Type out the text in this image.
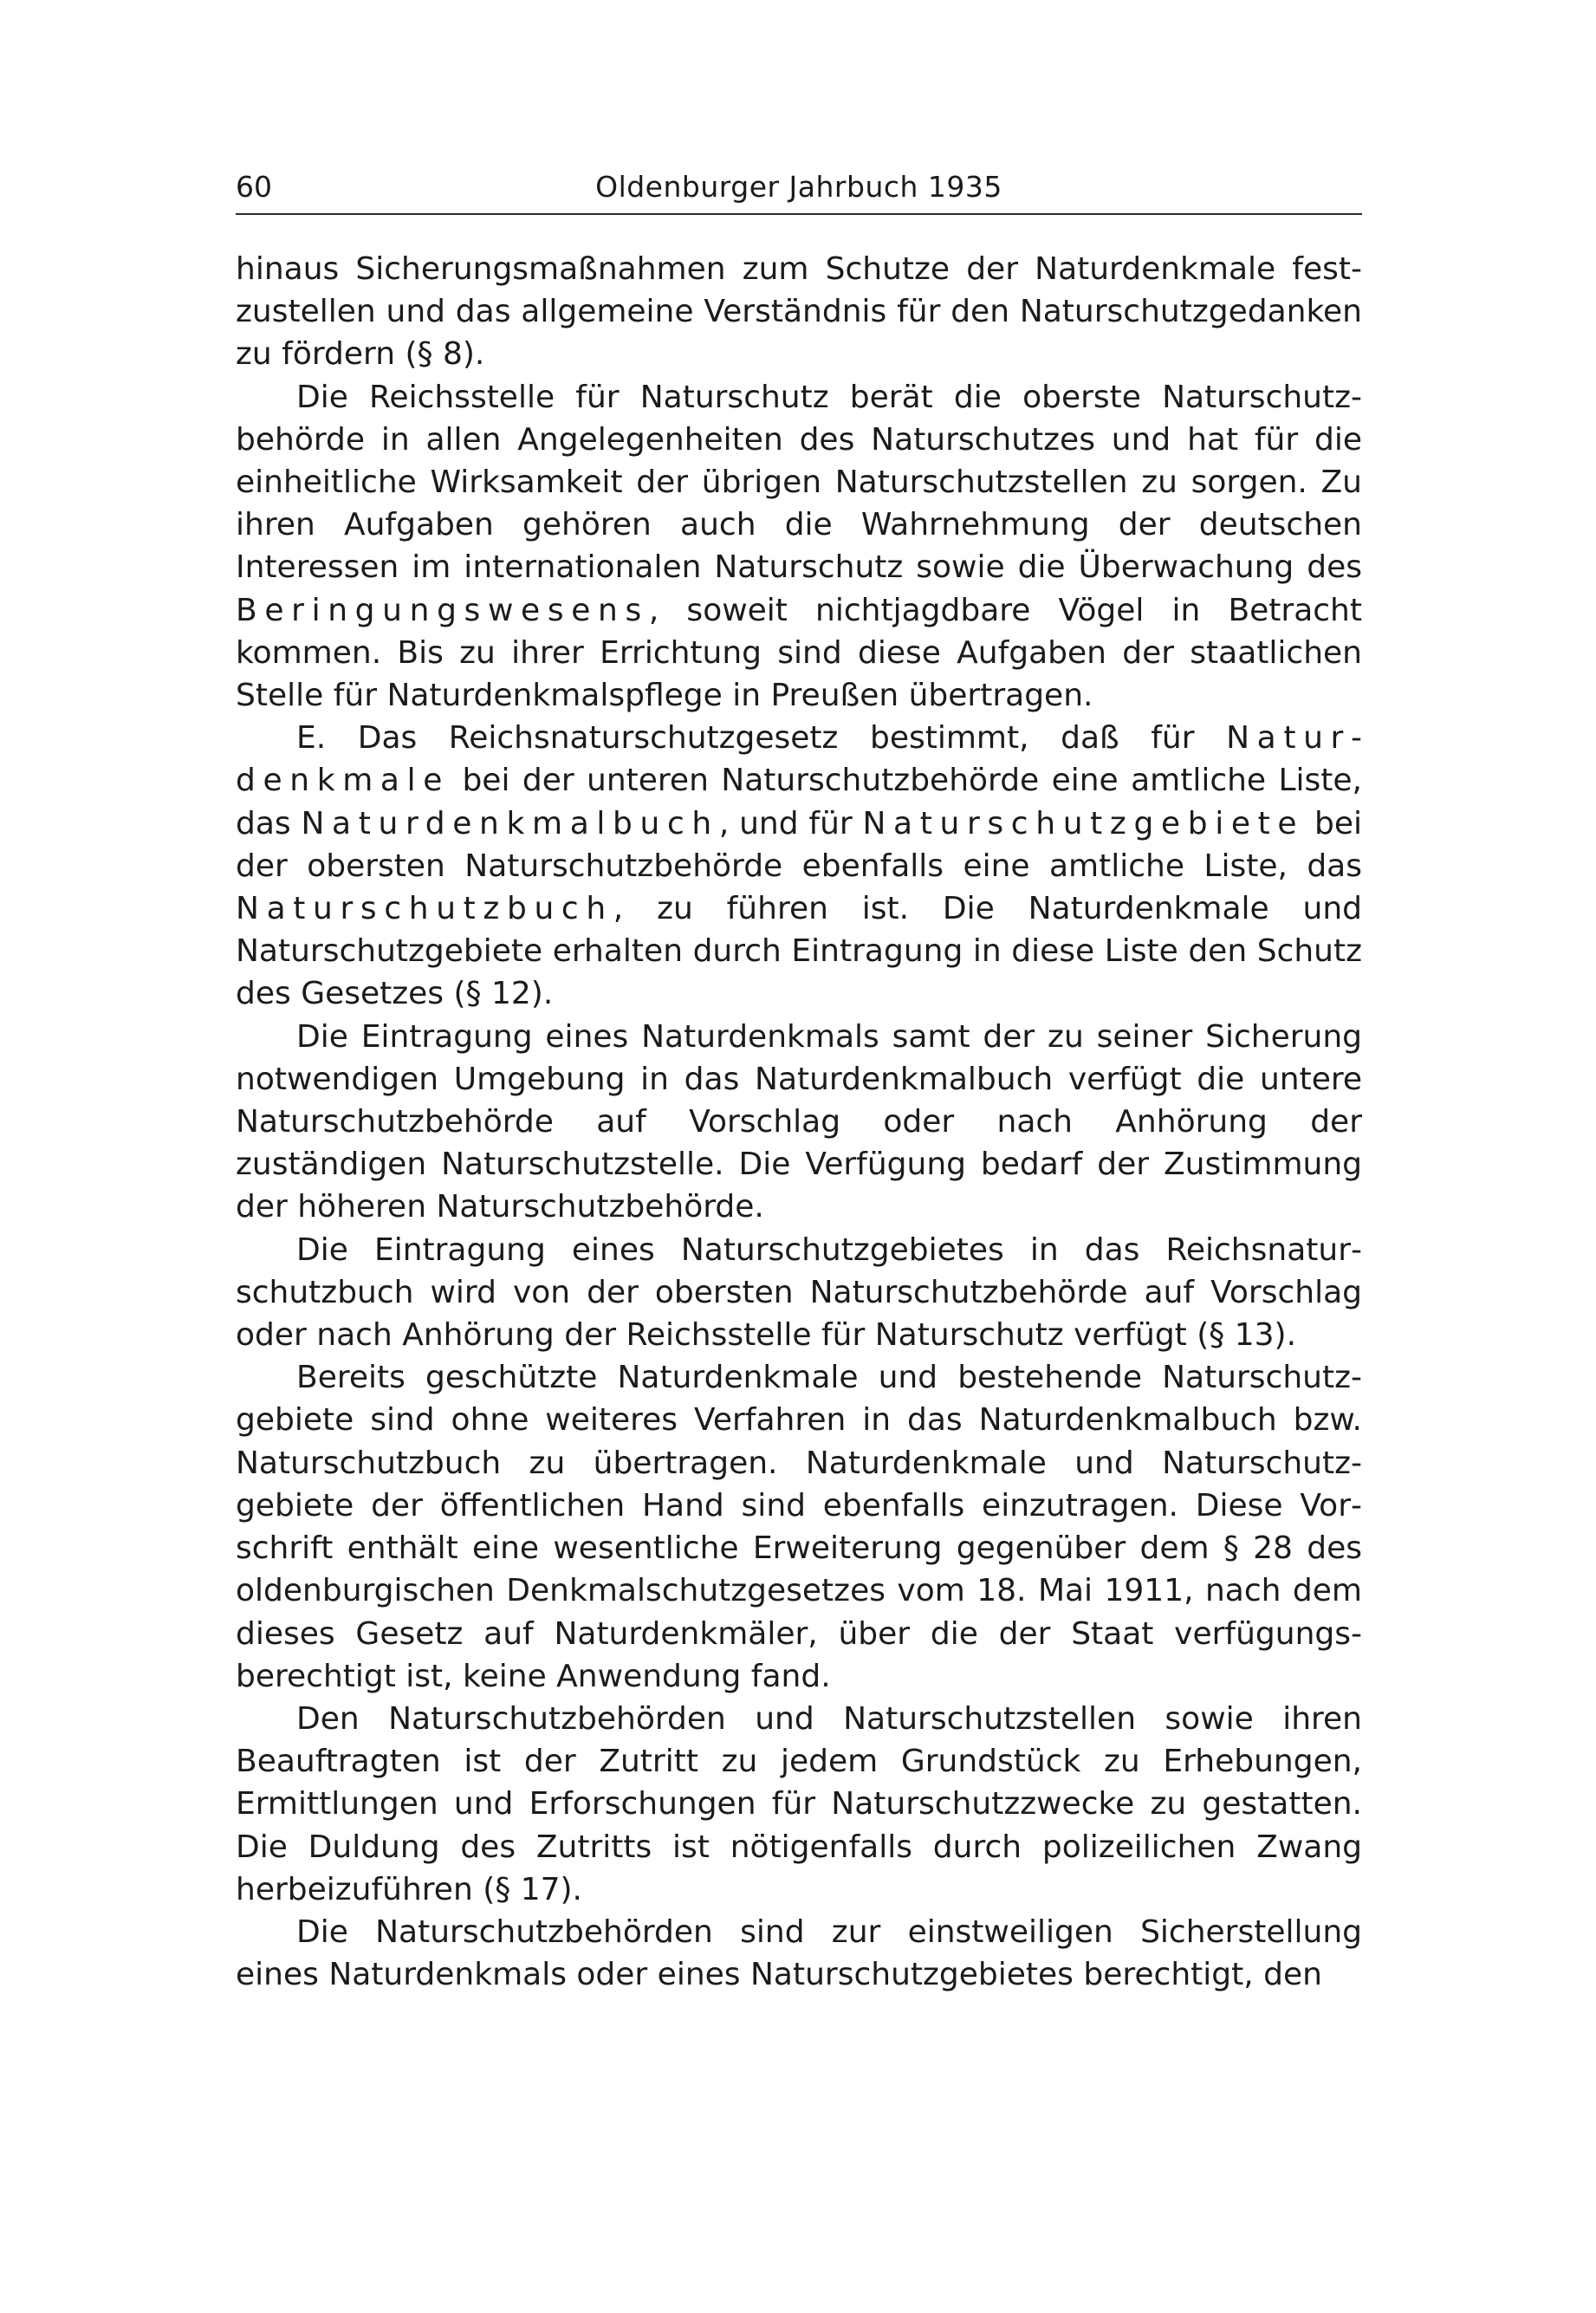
60	Oldenburger Jahrbuch 1935

hinaus Sicherungsmaßnahmen zum Schutze der Naturdenkmale festzustellen und das allgemeine Verständnis für den Naturschutzgedanken zu fördern (§ 8).

Die Reichsstelle für Naturschutz berät die oberste Naturschutzbehörde in allen Angelegenheiten des Naturschutzes und hat für die einheitliche Wirksamkeit der übrigen Naturschutzstellen zu sorgen. Zu ihren Aufgaben gehören auch die Wahrnehmung der deutschen Interessen im internationalen Naturschutz sowie die Überwachung des Beringungswesens, soweit nichtjagdbare Vögel in Betracht kommen. Bis zu ihrer Errichtung sind diese Aufgaben der staatlichen Stelle für Naturdenkmalspflege in Preußen übertragen.

E. Das Reichsnaturschutzgesetz bestimmt, daß für Naturdenkmale bei der unteren Naturschutzbehörde eine amtliche Liste, das Naturdenkmalbuch, und für Naturschutzgebiete bei der obersten Naturschutzbehörde ebenfalls eine amtliche Liste, das Naturschutzbuch, zu führen ist. Die Naturdenkmale und Naturschutzgebiete erhalten durch Eintragung in diese Liste den Schutz des Gesetzes (§ 12).

Die Eintragung eines Naturdenkmals samt der zu seiner Sicherung notwendigen Umgebung in das Naturdenkmalbuch verfügt die untere Naturschutzbehörde auf Vorschlag oder nach Anhörung der zuständigen Naturschutzstelle. Die Verfügung bedarf der Zustimmung der höheren Naturschutzbehörde.

Die Eintragung eines Naturschutzgebietes in das Reichsnaturschutzbuch wird von der obersten Naturschutzbehörde auf Vorschlag oder nach Anhörung der Reichsstelle für Naturschutz verfügt (§ 13).

Bereits geschützte Naturdenkmale und bestehende Naturschutzgebiete sind ohne weiteres Verfahren in das Naturdenkmalbuch bzw. Naturschutzbuch zu übertragen. Naturdenkmale und Naturschutzgebiete der öffentlichen Hand sind ebenfalls einzutragen. Diese Vorschrift enthält eine wesentliche Erweiterung gegenüber dem § 28 des oldenburgischen Denkmalschutzgesetzes vom 18. Mai 1911, nach dem dieses Gesetz auf Naturdenkmäler, über die der Staat verfügungsberechtigt ist, keine Anwendung fand.

Den Naturschutzbehörden und Naturschutzstellen sowie ihren Beauftragten ist der Zutritt zu jedem Grundstück zu Erhebungen, Ermittlungen und Erforschungen für Naturschutzzwecke zu gestatten. Die Duldung des Zutritts ist nötigenfalls durch polizeilichen Zwang herbeizuführen (§ 17).

Die Naturschutzbehörden sind zur einstweiligen Sicherstellung eines Naturdenkmals oder eines Naturschutzgebietes berechtigt, den
